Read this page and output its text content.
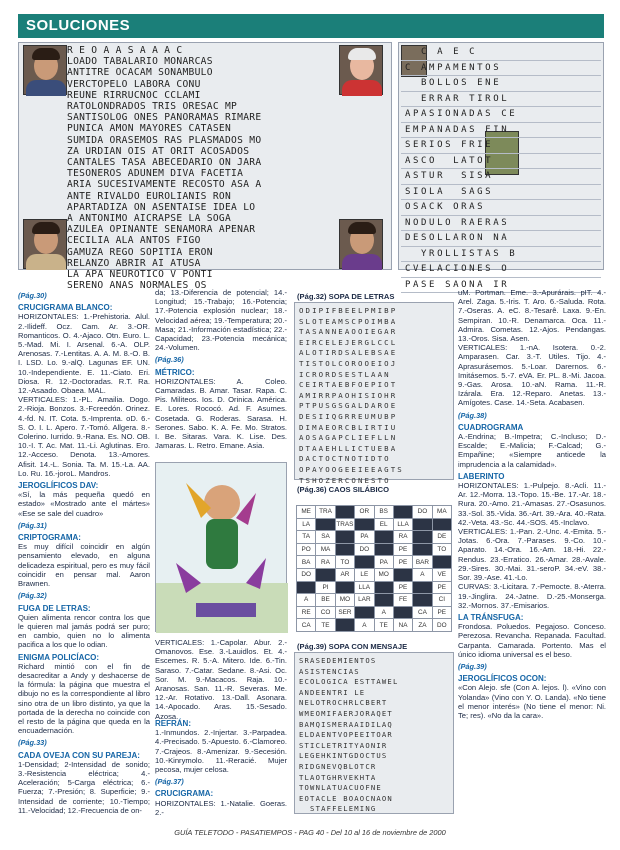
SOLUCIONES
R E O A A S A A A C
LOADO TABALARIO MONARCAS
ANTITRE OCACAM SONAMBULO
VERCTOPELO LABORA CONU
REUNE RIRRUCNOC CCLAMI
RATOLONDRADOS TRIS ORESAC MP
SANTISOLOG ONES PANORAMAS RIMARE
PUNICA AMON MAYORES CATASEN
SUMIDA ORASEMOS RAS PLASMADOS MO
ZA URDIAN OIS AT ORIT ACOSADOS
CANTALES TASA ABECEDARIO ON JARA
TESONEROS ADUNEM DIVA FACETIA
ARIA SUCESIVAMENTE RECOSTO ASA A
ANTE RIVALDO EUROLIANIS RON
APARTADIZA ON ASENTAISE IDEA LO
A ANTONIMO AICRAPSE LA SOGA
AZULEA OPINANTE SENAMORA APENAR
CECILIA ALA ANTOS FIGO
GAMUZA REGO SOPITIA ERON
RELANZO ABRIR AI ATUSA
LA APA NEUROTICO V PONTI
SERENO ANAS NORMALES OS
C A E C
C AMPAMENTOS
BOLLOS ENE
ERRAR TIROL
APASIONADAS CE
EMPANADAS FIN
SERIOS FRIE
ASCO  LATOT
ASTUR  SISA
SIOLA  SAGS
OSACK ORAS
NODULO RAERAS
DESOLLARON NA
YROLLISTAS B
CVELACIONES O
PASE SAONA IR
(Pág.30)
CRUCIGRAMA BLANCO:
HORIZONTALES: 1.-Prehistoria. Alul. 2.-Ilideff. Ocz. Cam. Ar. 3.-OR. Romanticos. O. 4.-Ajaco. Otn. Euro. L. 5.-Mad. Mi. I. Arsenal. 6.-A. OLP. Arenosas. 7.-Lentitas. A. A. M. 8.-O. B. I. LSD. Lo. 9.-alQ. Lagunas EF. UN. 10.-Independiente. E. 11.-Ciato. Eri. Diosa. R. 12.-Doctoradas. R.T. Ra. 12.-Asaado. Obaea. MAL.
VERTICALES: 1.-PL. Amailia. Dogo. 2.-Rioja. Bonzos. 3.-Fcreedón. Orinez. 4.-fd. N. IT. Cota. 5.-Imprenta. oD. 6.-S. O. I. L. Apero. 7.-Tomó. Allgera. 8.-Colerino. Iurrido. 9.-Rana. Es. NO. OB. 10.-I. T. Ac. Mat. 11.-Li. Aglutinas. Ero. 12.-Acceso. Denota. 13.-Amores. Afisit. 14.-L. Sonia. Ta. M. 15.-La. AA. Lo. Ru. 16.-joroL. Mandros.
JEROGLÍFICOS DAV:
«Sí, la más pequeña quedó en estado» «Mostrado ante el mártes» «Ese se sale del cuadro»
(Pág.31)
CRIPTOGRAMA:
Es muy difícil coincidir en algún pensamiento elevado, en alguna delicadeza espiritual, pero es muy fácil coincidir en pensar mal. Aaron Brawnen.
(Pág.32)
FUGA DE LETRAS:
Quien alimenta rencor contra los que le quieren mal jamás podrá ser puro; en cambio, quien no lo alimenta pacifica a los que lo odian.
ENIGMA POLICÍACO:
Richard mintió con el fin de desacreditar a Andy y deshacerse de la fórmula: la página que muestra el dibujo no es la correspondiente al libro sino otra de un libro distinto, ya que la portada de la derecha no coincide con el resto de la página que queda en la encuadernación.
(Pág.33)
CADA OVEJA CON SU PAREJA:
1-Densidad; 2-Intensidad de sonido; 3.-Resistencia eléctrica; 4.-Aceleración; 5-Carga eléctrica; 6.-Fuerza; 7.-Presión; 8. Superficie; 9.-Intensidad de corriente; 10.-Tiempo; 11.-Velocidad; 12.-Frecuencia de on-
da; 13.-Diferencia de potencial; 14.-Longitud; 15.-Trabajo; 16.-Potencia; 17.-Potencia explosión nuclear; 18.-Velocidad aérea; 19.-Temperatura; 20.-Masa; 21.-Información estadística; 22.-Capacidad; 23.-Potencia mecánica; 24.-Volumen.
(Pág.36)
MÉTRICO:
HORIZONTALES: A. Coleo. Camaradas. B. Amar. Tasar. Rapa. C. Pis. Militeos. Ios. D. Orinica. América. E. Lores. Rococó. Ad. F. Asumes. Cosetada. G. Roderas. Sarasa. H. Serones. Sabo. K. A. Fe. Mo. Stratos. I. Be. Sitaras. Vara. K. Lise. Des. Jamaras. L. Retro. Emane. Asia.
VERTICALES: 1.-Capolar. Abur. 2.-Omanovos. Ese. 3.-Lauidlos. Et. 4.-Escemes. R. 5.-A. Mitero. Ide. 6.-Tin. Saraso. 7.-Catar. Sedane. 8.-Asi. Oc. Sor. M. 9.-Macacos. Raja. 10.-Aranosas. San. 11.-R. Severas. Me. 12.-Ar. Rotativo. 13.-Dall. Asonara. 14.-Apocado. Aras. 15.-Sesado. Azosa.
REFRÁN:
1.-Inmundos. 2.-Injertar. 3.-Parpadea. 4.-Precisado. 5.-Apuesto. 6.-Clamoreo. 7.-Crajeos. 8.-Amenizar. 9.-Secesión. 10.-Kinrymolo. 11.-Reracié. Mujer pecosa, mujer celosa.
(Pág.37)
CRUCIGRAMA:
HORIZONTALES: 1.-Natalie. Goeras. 2.-
(Pág.32) SOPA DE LETRAS
ODIPIFBEELPMIBP
SLOTEAMSCPOIMBA
TASANNEAOOIEGAR
EIRCELEJERGLCCL
ALOTIRDSALEBSAE
TISTOLCOROOEIOJ
ICRORDSESTLAAN
CEIRTAEBFOEPIOT
AMIRRPAOHISIOHR
PTPUSGSGALDAROE
DESIIQGRREUMUBP
DIMAEORCBLIRTIU
AOSAGAPCLIEFLLN
DTAAEHLLICTUEBA
DACTOCTNOTIDTO
OPAYOOGEEIEEAGTS
TSHOZERCONESTO
(Pág.36) CAOS SILÁBICO
ME	TRA		OR	BS		DO	MA
LA		TRAS		EL	LLA		
TA	SA		PA		RA		DE
PO	MA		DO		PE		TO
BA	RA	TO		PA	PE	BAR	
DO		AR	LE	MO		A	VE
	PI		LLA		PE		PE
A	BE	MO	LAR		FE		CI
RE	CO	SER		A		CA	PE
CA	TE		A	TE	NA	ZA	DO
(Pág.39) SOPA CON MENSAJE
SRASEDEMIENTOS
ASISTENCIAS
ECOLOGICA ESTTAWEL
ANDEENTRI LE
NELOTROCHRLCBERT
WMEOMIFAERJORAQET
BAMQISMERAAIDILAQ
ELDAENTVOPEEITOAR
STICLETRITYAONIR
LEGEHKINTGDOCTUS
RIDGNEVQBLOTCR
TLAOTGHRVEKHTA
TOWNLATUACUOFNE
EOTACLE BOAOCNAON
STAFFELEMING
uM. Portman. Eme. 3.-Apurárais. pIT. 4.-Arel. Zaga. 5.-Iris. T. Aro. 6.-Saluda. Rota. 7.-Oseras. A. eC. 8.-Tesarê. Laxa. 9.-En. Sempiran. 10.-R. Denamarca. Oca. 11.-Admira. Cometas. 12.-Ajos. Pendangas. 13.-Oros. Sisa. Asen.
VERTICALES: 1.-nA. Isotera. 0.-2. Amparasen. Car. 3.-T. Utiles. Tijo. 4.-Aprasurásemos. 5.-Loar. Darernos. 6.-Imitásemos. 5.-7. eVA. Er. PL. 8.-Mi. Jacoa. 9.-Gas. Arosa. 10.-aN. Rama. 11.-R. Izárala. Era. 12.-Reparo. Anetas. 13.-Amígotes. Case. 14.-Seta. Acabasen.
(Pág.38)
CUADROGRAMA
A.-Endrina; B.-Impetra; C.-Incluso; D.-Escalde; E.-Malicia; F.-Calcad; G.-Empañine; «Siempre anticede la imprudencia a la calamidad».
LABERINTO
HORIZONTALES: 1.-Pulpejo. 8.-Acli. 11.-Ar. 12.-Morra. 13.-Topo. 15.-Be. 17.-Ar. 18.-Rura. 20.-Amo. 21.-Amasas. 27.-Osasunos. 33.-Sol. 35.-Vida. 36.-Art. 39.-Ara. 40.-Rata. 42.-Veta. 43.-Sc. 44.-SOS. 45.-Inclavo.
VERTICALES: 1.-Pan. 2.-Unc. 4.-Emita. 5.-Jotas. 6.-Ora. 7.-Parases. 9.-Co. 10.-Aparato. 14.-Ora. 16.-Am. 18.-Hi. 22.-Rendus. 23.-Erratico. 26.-Amar. 28.-Avale. 29.-Sires. 30.-Mai. 31.-seroP. 34.-eV. 38.-Sor. 39.-Ase. 41.-Lo.
CURVAS: 3.-Licitara. 7.-Pemocte. 8.-Aterra. 19.-Jinglira. 24.-Jatne. D.-25.-Monserga. 32.-Mornos. 37.-Emisarios.
LA TRÁNSFUGA:
Frondosa. Poluedos. Pegajoso. Conceso. Perezosa. Revancha. Repanada. Facultad. Carpanta. Camarada. Portento. Mas el único idioma universal es el beso.
(Pág.39)
JEROGLÍFICOS OCON:
«Con Alejo. sfe (Con A. lejos. l). «Vino con Yolanda» (Vino con Y. O. Landa). «No tiene el menor interés» (No tiene el menor: Ni. Te; res). «No da la cara».
GUÍA TELETODO - PASATIEMPOS - PAG 40 - Del 10 al 16 de noviembre de 2000
